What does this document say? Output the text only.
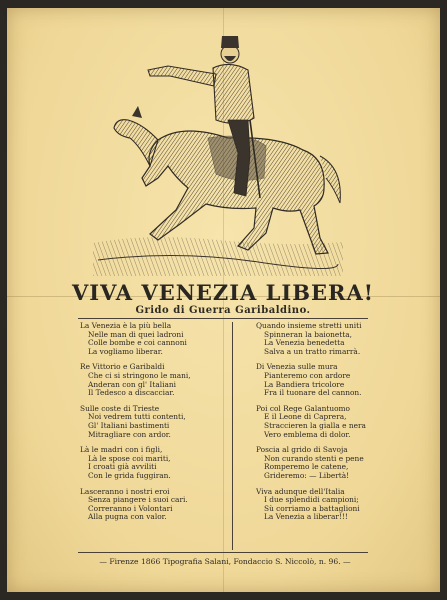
VIVA VENEZIA LIBERA!

Grido di Guerra Garibaldino.

La Venezia è la più bella
Nelle man di quei ladroni
Colle bombe e coi cannoni
La vogliamo liberar.
Re Vittorio e Garibaldi
Che ci si stringono le mani,
Anderan con gl' Italiani
Il Tedesco a discacciar.
Sulle coste di Trieste
Noi vedrem tutti contenti,
Gl' Italiani bastimenti
Mitragliare con ardor.
Là le madri con i figli,
Là le spose coi mariti,
I croati già avviliti
Con le grida fuggiran.
Lasceranno i nostri eroi
Senza piangere i suoi cari.
Correranno i Volontari
Alla pugna con valor.
Quando insieme stretti uniti
Spinneran la baionetta,
La Venezia benedetta
Salva a un tratto rimarrà.
Di Venezia sulle mura
Pianteremo con ardore
La Bandiera tricolore
Fra il tuonare del cannon.
Poi col Rege Galantuomo
E il Leone di Caprera,
Straccieren la gialla e nera
Vero emblema di dolor.
Poscia al grido di Savoja
Non curando stenti e pene
Romperemo le catene,
Grideremo: — Libertà!
Viva adunque dell'Italia
I due splendidi campioni;
Sù corriamo a battaglioni
La Venezia a liberar!!!
— Firenze 1866 Tipografia Salani, Fondaccio S. Niccolò, n. 96. —
